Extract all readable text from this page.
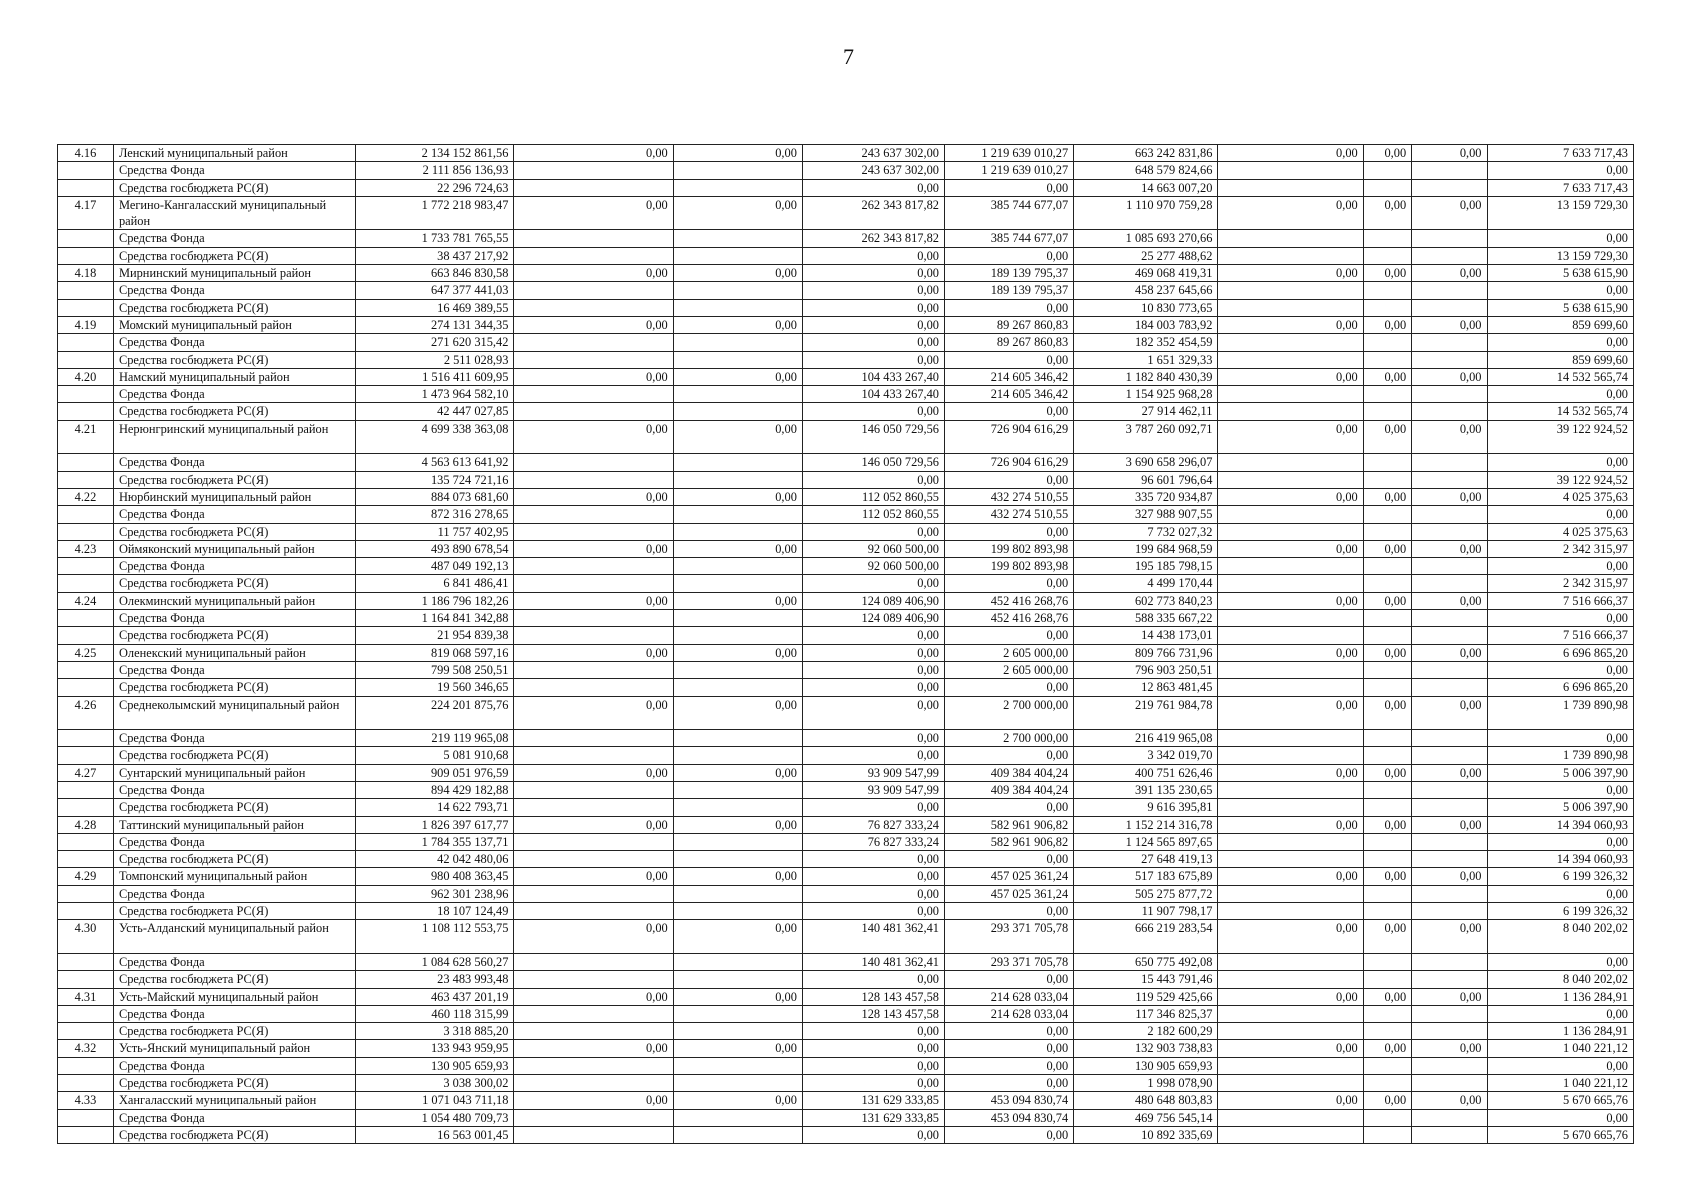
7
4.16	Ленский муниципальный район	2 134 152 861,56	0,00	0,00	243 637 302,00	1 219 639 010,27	663 242 831,86	0,00	0,00	0,00	7 633 717,43
	Средства Фонда	2 111 856 136,93			243 637 302,00	1 219 639 010,27	648 579 824,66				0,00
	Средства госбюджета РС(Я)	22 296 724,63			0,00	0,00	14 663 007,20				7 633 717,43
4.17	Мегино-Кангаласский муниципальный район	1 772 218 983,47	0,00	0,00	262 343 817,82	385 744 677,07	1 110 970 759,28	0,00	0,00	0,00	13 159 729,30
	Средства Фонда	1 733 781 765,55			262 343 817,82	385 744 677,07	1 085 693 270,66				0,00
	Средства госбюджета РС(Я)	38 437 217,92			0,00	0,00	25 277 488,62				13 159 729,30
4.18	Мирнинский муниципальный район	663 846 830,58	0,00	0,00	0,00	189 139 795,37	469 068 419,31	0,00	0,00	0,00	5 638 615,90
	Средства Фонда	647 377 441,03			0,00	189 139 795,37	458 237 645,66				0,00
	Средства госбюджета РС(Я)	16 469 389,55			0,00	0,00	10 830 773,65				5 638 615,90
4.19	Момский муниципальный район	274 131 344,35	0,00	0,00	0,00	89 267 860,83	184 003 783,92	0,00	0,00	0,00	859 699,60
	Средства Фонда	271 620 315,42			0,00	89 267 860,83	182 352 454,59				0,00
	Средства госбюджета РС(Я)	2 511 028,93			0,00	0,00	1 651 329,33				859 699,60
4.20	Намский муниципальный район	1 516 411 609,95	0,00	0,00	104 433 267,40	214 605 346,42	1 182 840 430,39	0,00	0,00	0,00	14 532 565,74
	Средства Фонда	1 473 964 582,10			104 433 267,40	214 605 346,42	1 154 925 968,28				0,00
	Средства госбюджета РС(Я)	42 447 027,85			0,00	0,00	27 914 462,11				14 532 565,74
4.21	Нерюнгринский муниципальный район	4 699 338 363,08	0,00	0,00	146 050 729,56	726 904 616,29	3 787 260 092,71	0,00	0,00	0,00	39 122 924,52
	Средства Фонда	4 563 613 641,92			146 050 729,56	726 904 616,29	3 690 658 296,07				0,00
	Средства госбюджета РС(Я)	135 724 721,16			0,00	0,00	96 601 796,64				39 122 924,52
4.22	Нюрбинский муниципальный район	884 073 681,60	0,00	0,00	112 052 860,55	432 274 510,55	335 720 934,87	0,00	0,00	0,00	4 025 375,63
	Средства Фонда	872 316 278,65			112 052 860,55	432 274 510,55	327 988 907,55				0,00
	Средства госбюджета РС(Я)	11 757 402,95			0,00	0,00	7 732 027,32				4 025 375,63
4.23	Оймяконский муниципальный район	493 890 678,54	0,00	0,00	92 060 500,00	199 802 893,98	199 684 968,59	0,00	0,00	0,00	2 342 315,97
	Средства Фонда	487 049 192,13			92 060 500,00	199 802 893,98	195 185 798,15				0,00
	Средства госбюджета РС(Я)	6 841 486,41			0,00	0,00	4 499 170,44				2 342 315,97
4.24	Олекминский муниципальный район	1 186 796 182,26	0,00	0,00	124 089 406,90	452 416 268,76	602 773 840,23	0,00	0,00	0,00	7 516 666,37
	Средства Фонда	1 164 841 342,88			124 089 406,90	452 416 268,76	588 335 667,22				0,00
	Средства госбюджета РС(Я)	21 954 839,38			0,00	0,00	14 438 173,01				7 516 666,37
4.25	Оленекский муниципальный район	819 068 597,16	0,00	0,00	0,00	2 605 000,00	809 766 731,96	0,00	0,00	0,00	6 696 865,20
	Средства Фонда	799 508 250,51			0,00	2 605 000,00	796 903 250,51				0,00
	Средства госбюджета РС(Я)	19 560 346,65			0,00	0,00	12 863 481,45				6 696 865,20
4.26	Среднеколымский муниципальный район	224 201 875,76	0,00	0,00	0,00	2 700 000,00	219 761 984,78	0,00	0,00	0,00	1 739 890,98
	Средства Фонда	219 119 965,08			0,00	2 700 000,00	216 419 965,08				0,00
	Средства госбюджета РС(Я)	5 081 910,68			0,00	0,00	3 342 019,70				1 739 890,98
4.27	Сунтарский муниципальный район	909 051 976,59	0,00	0,00	93 909 547,99	409 384 404,24	400 751 626,46	0,00	0,00	0,00	5 006 397,90
	Средства Фонда	894 429 182,88			93 909 547,99	409 384 404,24	391 135 230,65				0,00
	Средства госбюджета РС(Я)	14 622 793,71			0,00	0,00	9 616 395,81				5 006 397,90
4.28	Таттинский муниципальный район	1 826 397 617,77	0,00	0,00	76 827 333,24	582 961 906,82	1 152 214 316,78	0,00	0,00	0,00	14 394 060,93
	Средства Фонда	1 784 355 137,71			76 827 333,24	582 961 906,82	1 124 565 897,65				0,00
	Средства госбюджета РС(Я)	42 042 480,06			0,00	0,00	27 648 419,13				14 394 060,93
4.29	Томпонский муниципальный район	980 408 363,45	0,00	0,00	0,00	457 025 361,24	517 183 675,89	0,00	0,00	0,00	6 199 326,32
	Средства Фонда	962 301 238,96			0,00	457 025 361,24	505 275 877,72				0,00
	Средства госбюджета РС(Я)	18 107 124,49			0,00	0,00	11 907 798,17				6 199 326,32
4.30	Усть-Алданский муниципальный район	1 108 112 553,75	0,00	0,00	140 481 362,41	293 371 705,78	666 219 283,54	0,00	0,00	0,00	8 040 202,02
	Средства Фонда	1 084 628 560,27			140 481 362,41	293 371 705,78	650 775 492,08				0,00
	Средства госбюджета РС(Я)	23 483 993,48			0,00	0,00	15 443 791,46				8 040 202,02
4.31	Усть-Майский муниципальный район	463 437 201,19	0,00	0,00	128 143 457,58	214 628 033,04	119 529 425,66	0,00	0,00	0,00	1 136 284,91
	Средства Фонда	460 118 315,99			128 143 457,58	214 628 033,04	117 346 825,37				0,00
	Средства госбюджета РС(Я)	3 318 885,20			0,00	0,00	2 182 600,29				1 136 284,91
4.32	Усть-Янский муниципальный район	133 943 959,95	0,00	0,00	0,00	0,00	132 903 738,83	0,00	0,00	0,00	1 040 221,12
	Средства Фонда	130 905 659,93			0,00	0,00	130 905 659,93				0,00
	Средства госбюджета РС(Я)	3 038 300,02			0,00	0,00	1 998 078,90				1 040 221,12
4.33	Хангаласский муниципальный район	1 071 043 711,18	0,00	0,00	131 629 333,85	453 094 830,74	480 648 803,83	0,00	0,00	0,00	5 670 665,76
	Средства Фонда	1 054 480 709,73			131 629 333,85	453 094 830,74	469 756 545,14				0,00
	Средства госбюджета РС(Я)	16 563 001,45			0,00	0,00	10 892 335,69				5 670 665,76
